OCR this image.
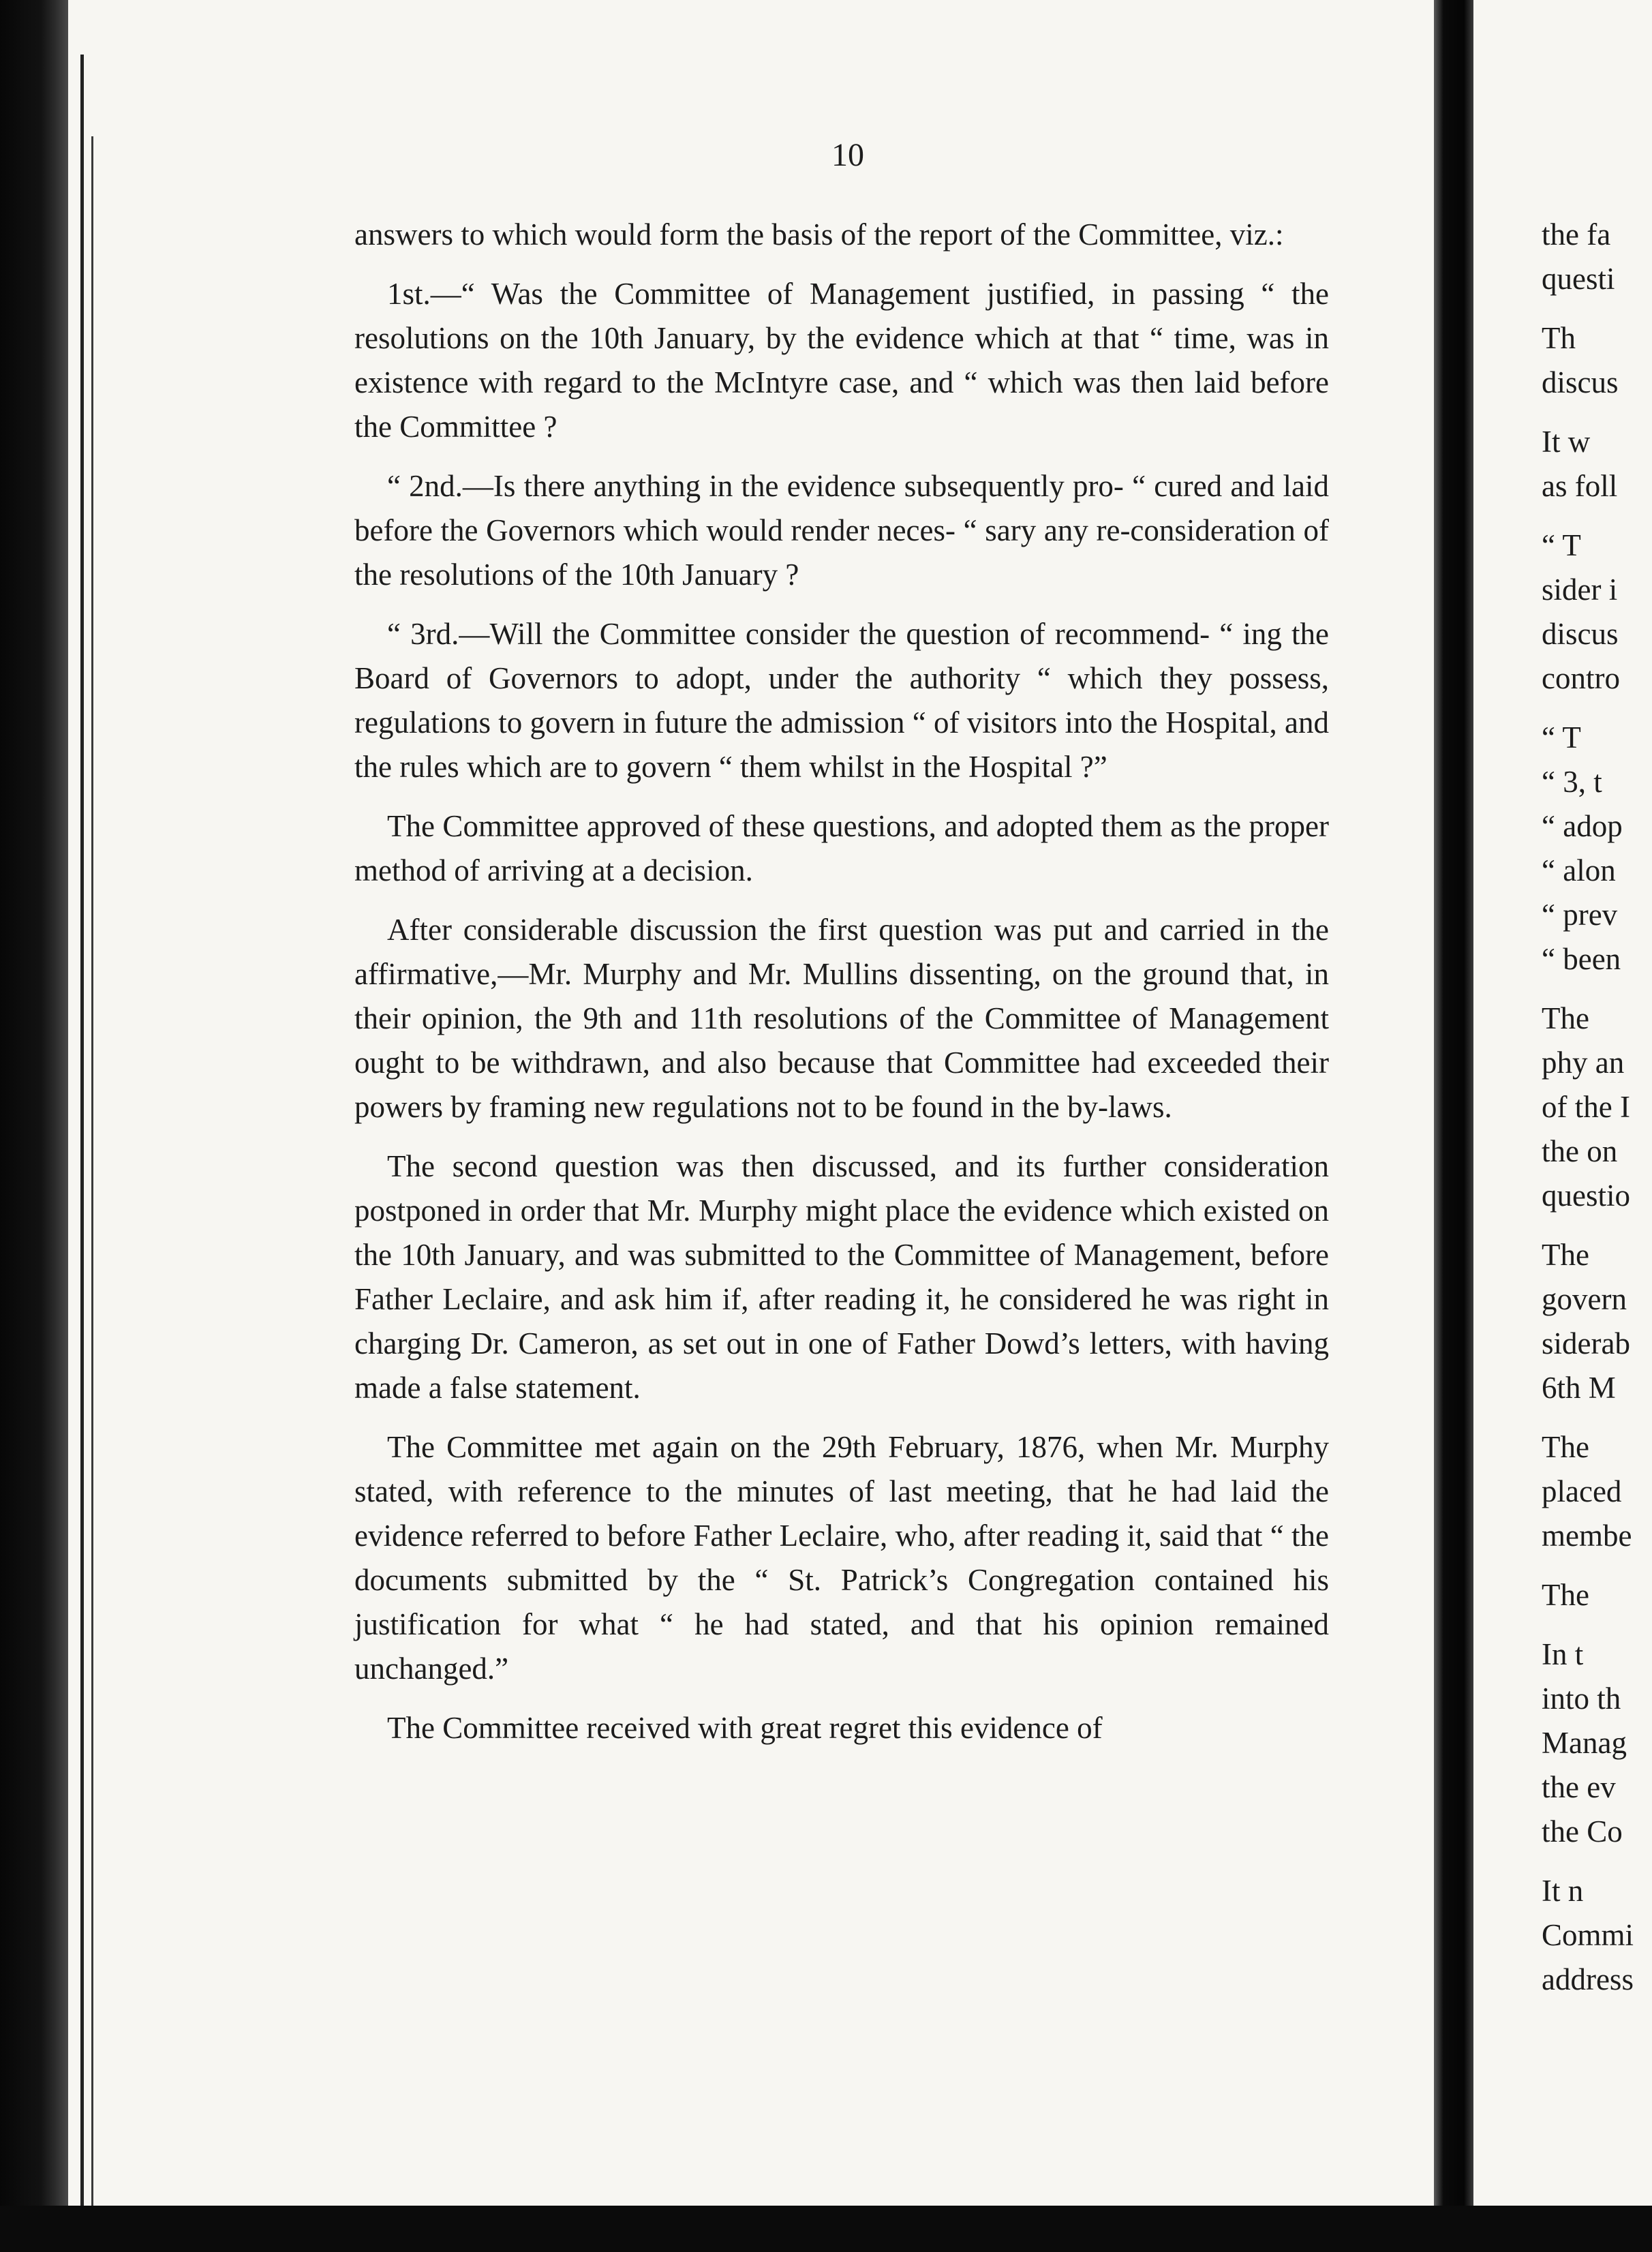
10

answers to which would form the basis of the report of the Committee, viz.:

1st.—“ Was the Committee of Management justified, in passing “ the resolutions on the 10th January, by the evidence which at that “ time, was in existence with regard to the McIntyre case, and “ which was then laid before the Committee ?

“ 2nd.—Is there anything in the evidence subsequently pro- “ cured and laid before the Governors which would render neces- “ sary any re-consideration of the resolutions of the 10th January ?

“ 3rd.—Will the Committee consider the question of recommend- “ ing the Board of Governors to adopt, under the authority “ which they possess, regulations to govern in future the admission “ of visitors into the Hospital, and the rules which are to govern “ them whilst in the Hospital ?”

The Committee approved of these questions, and adopted them as the proper method of arriving at a decision.

After considerable discussion the first question was put and carried in the affirmative,—Mr. Murphy and Mr. Mullins dissenting, on the ground that, in their opinion, the 9th and 11th resolutions of the Committee of Management ought to be withdrawn, and also because that Committee had exceeded their powers by framing new regulations not to be found in the by-laws.

The second question was then discussed, and its further consideration postponed in order that Mr. Murphy might place the evidence which existed on the 10th January, and was submitted to the Committee of Management, before Father Leclaire, and ask him if, after reading it, he considered he was right in charging Dr. Cameron, as set out in one of Father Dowd’s letters, with having made a false statement.

The Committee met again on the 29th February, 1876, when Mr. Murphy stated, with reference to the minutes of last meeting, that he had laid the evidence referred to before Father Leclaire, who, after reading it, said that “ the documents submitted by the “ St. Patrick’s Congregation contained his justification for what “ he had stated, and that his opinion remained unchanged.”

The Committee received with great regret this evidence of

the fa
questi
Th
discus
It w
as foll
“ T
sider i
discus
contro
“ T
“ 3, t
“ adop
“ alon
“ prev
“ been
The
phy an
of the I
the on
questio
The
govern
siderab
6th M
The
placed
membe
The
In t
into th
Manag
the ev
the Co
It n
Commi
address
